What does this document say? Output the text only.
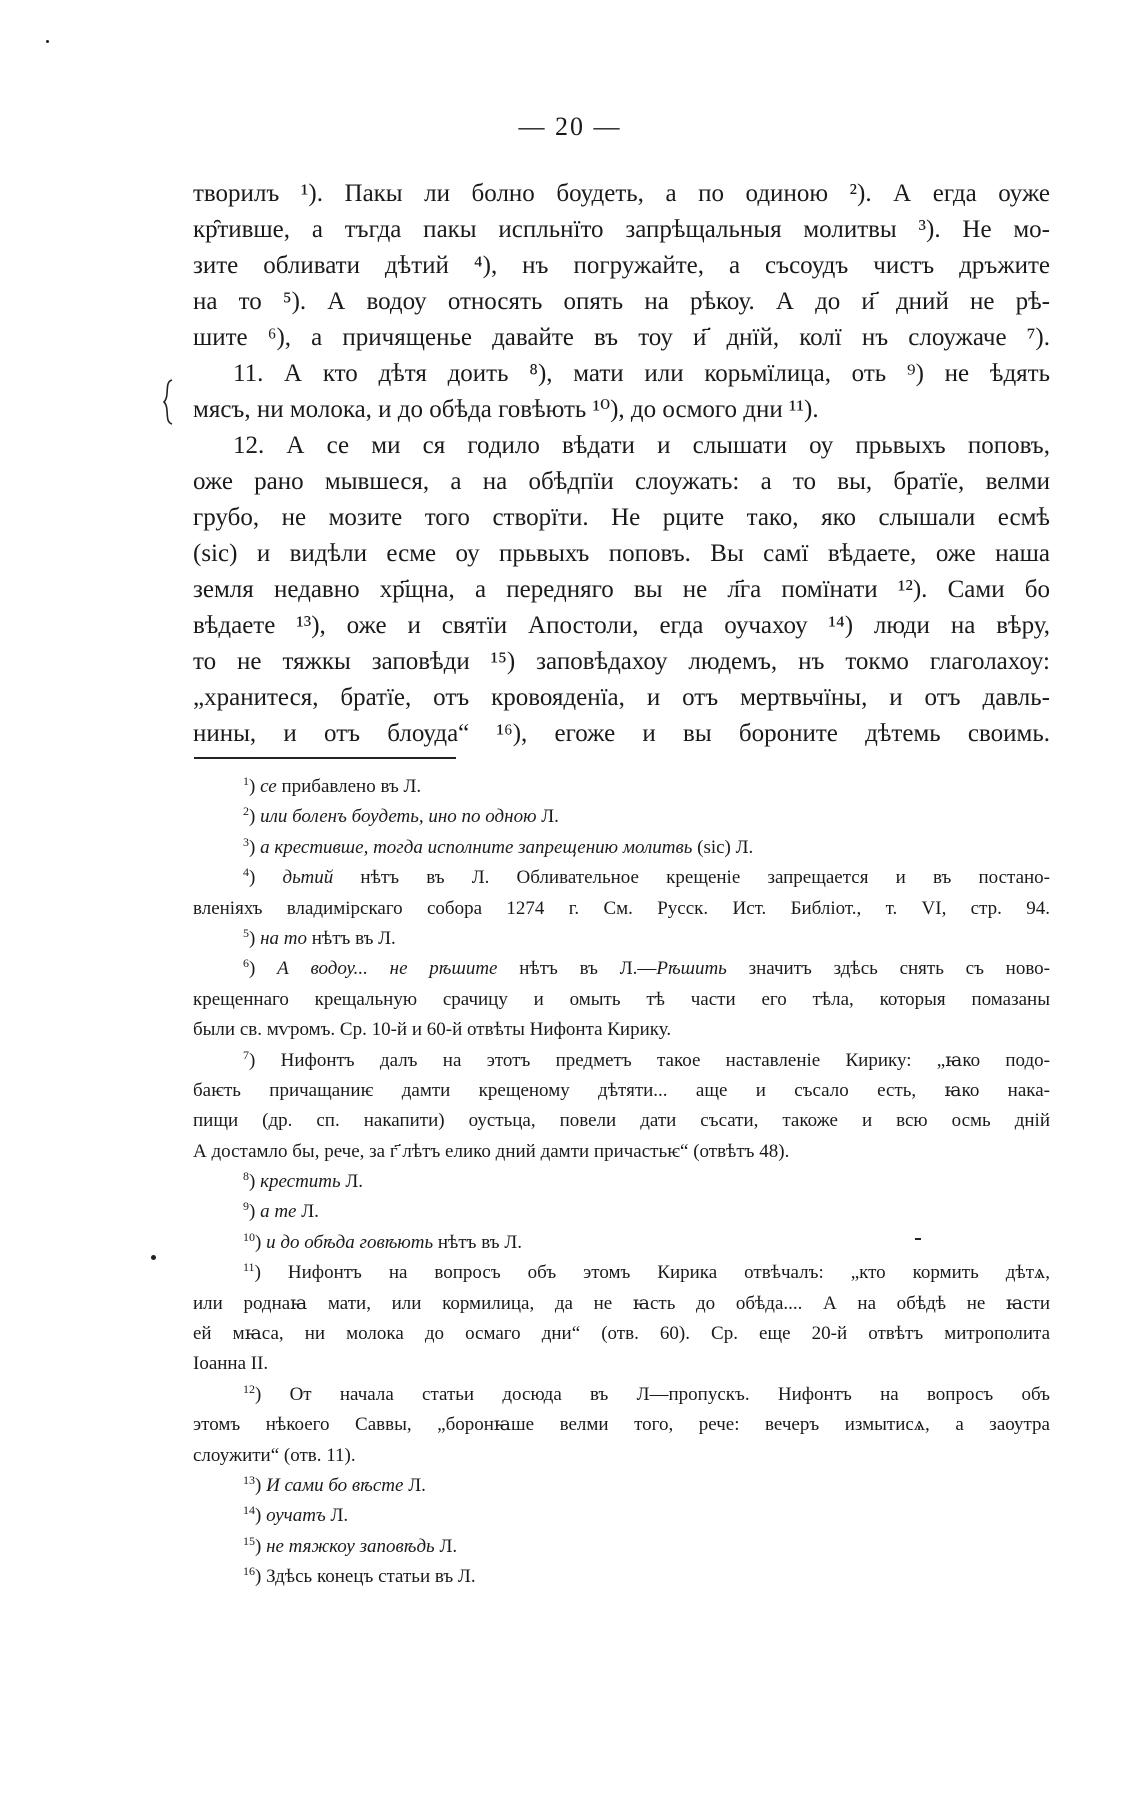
— 20 —
творилъ ¹). Пакы ли болно боудеть, а по одиною ²). А егда оуже
кр̑тивше, а тъгда пакы испльнїто запрѣщальныя молитвы ³). Не мо-
зите обливати дѣтий ⁴), нъ погружайте, а съсоудъ чистъ дръжите
на то ⁵). А водоу относять опять на рѣкоу. А до и҃ дний не рѣ-
шите ⁶), а причященье давайте въ тоу и҃ днїй, колї нъ слоужаче ⁷).
11. А кто дѣтя доить ⁸), мати или корьмїлица, оть ⁹) не ѣдять
мясъ, ни молока, и до обѣда говѣють ¹⁰), до осмого дни ¹¹).
12. А се ми ся годило вѣдати и слышати оу прьвыхъ поповъ,
оже рано мывшеся, а на обѣдпїи слоужать: а то вы, братїе, велми
грубо, не мозите того створїти. Не рците тако, яко слышали есмѣ
(sic) и видѣли есме оу прьвыхъ поповъ. Вы самї вѣдаете, оже наша
земля недавно хр҃щна, а передняго вы не л҃га помїнати ¹²). Сами бо
вѣдаете ¹³), оже и святїи Апостоли, егда оучахоу ¹⁴) люди на вѣру,
то не тяжкы заповѣди ¹⁵) заповѣдахоу людемъ, нъ токмо глаголахоу:
„хранитеся, братїе, отъ кровояденїа, и отъ мертвьчїны, и отъ давль-
нины, и отъ блоуда“ ¹⁶), егоже и вы бороните дѣтемь своимь.
$^1$) се прибавлено въ Л.
$^2$) или боленъ боудеть, ино по одною Л.
$^3$) а крестивше, тогда исполните запрещению молитвь (sic) Л.
$^4$) дьтий нѣтъ въ Л. Обливательное крещенiе запрещается и въ постано-
вленiяхъ владимiрскаго собора 1274 г. См. Русск. Ист. Библiот., т. VI, стр. 94.
$^5$) на то нѣтъ въ Л.
$^6$) А водоу... не рѣшите нѣтъ въ Л.—Рѣшить значитъ здѣсь снять съ ново-
крещеннаго крещальную срачицу и омыть тѣ части его тѣла, которыя помазаны
были св. мѵромъ. Ср. 10-й и 60-й отвѣты Нифонта Кирику.
$^7$) Нифонтъ далъ на этотъ предметъ такое наставленiе Кирику: „ꙗко подо-
баѥть причащаниѥ дамти крещеному дѣтяти... аще и съсало есть, ꙗко нака-
пищи (др. сп. накапити) оустьца, повели дати съсати, такоже и всю осмь днiй
А достамло бы, рече, за г҃ лѣтъ елико дний дамти причастьѥ“ (отвѣтъ 48).
$^8$) крестить Л.
$^9$) а те Л.
$^{10}$) и до обѣда говѣють нѣтъ въ Л.
$^{11}$) Нифонтъ на вопросъ объ этомъ Кирика отвѣчалъ: „кто кормить дѣтѧ,
или роднаꙗ мати, или кормилица, да не ꙗсть до обѣда.... А на обѣдѣ не ꙗсти
ей мꙗса, ни молока до осмаго дни“ (отв. 60). Ср. еще 20-й отвѣтъ митрополита
Iоанна II.
$^{12}$) От начала статьи досюда въ Л—пропускъ. Нифонтъ на вопросъ объ
этомъ нѣкоего Саввы, „боронꙗше велми того, рече: вечеръ измытисѧ, а заоутра
слоужити“ (отв. 11).
$^{13}$) И сами бо вѣсте Л.
$^{14}$) оучатъ Л.
$^{15}$) не тяжкоу заповѣдь Л.
$^{16}$) Здѣсь конецъ статьи въ Л.
